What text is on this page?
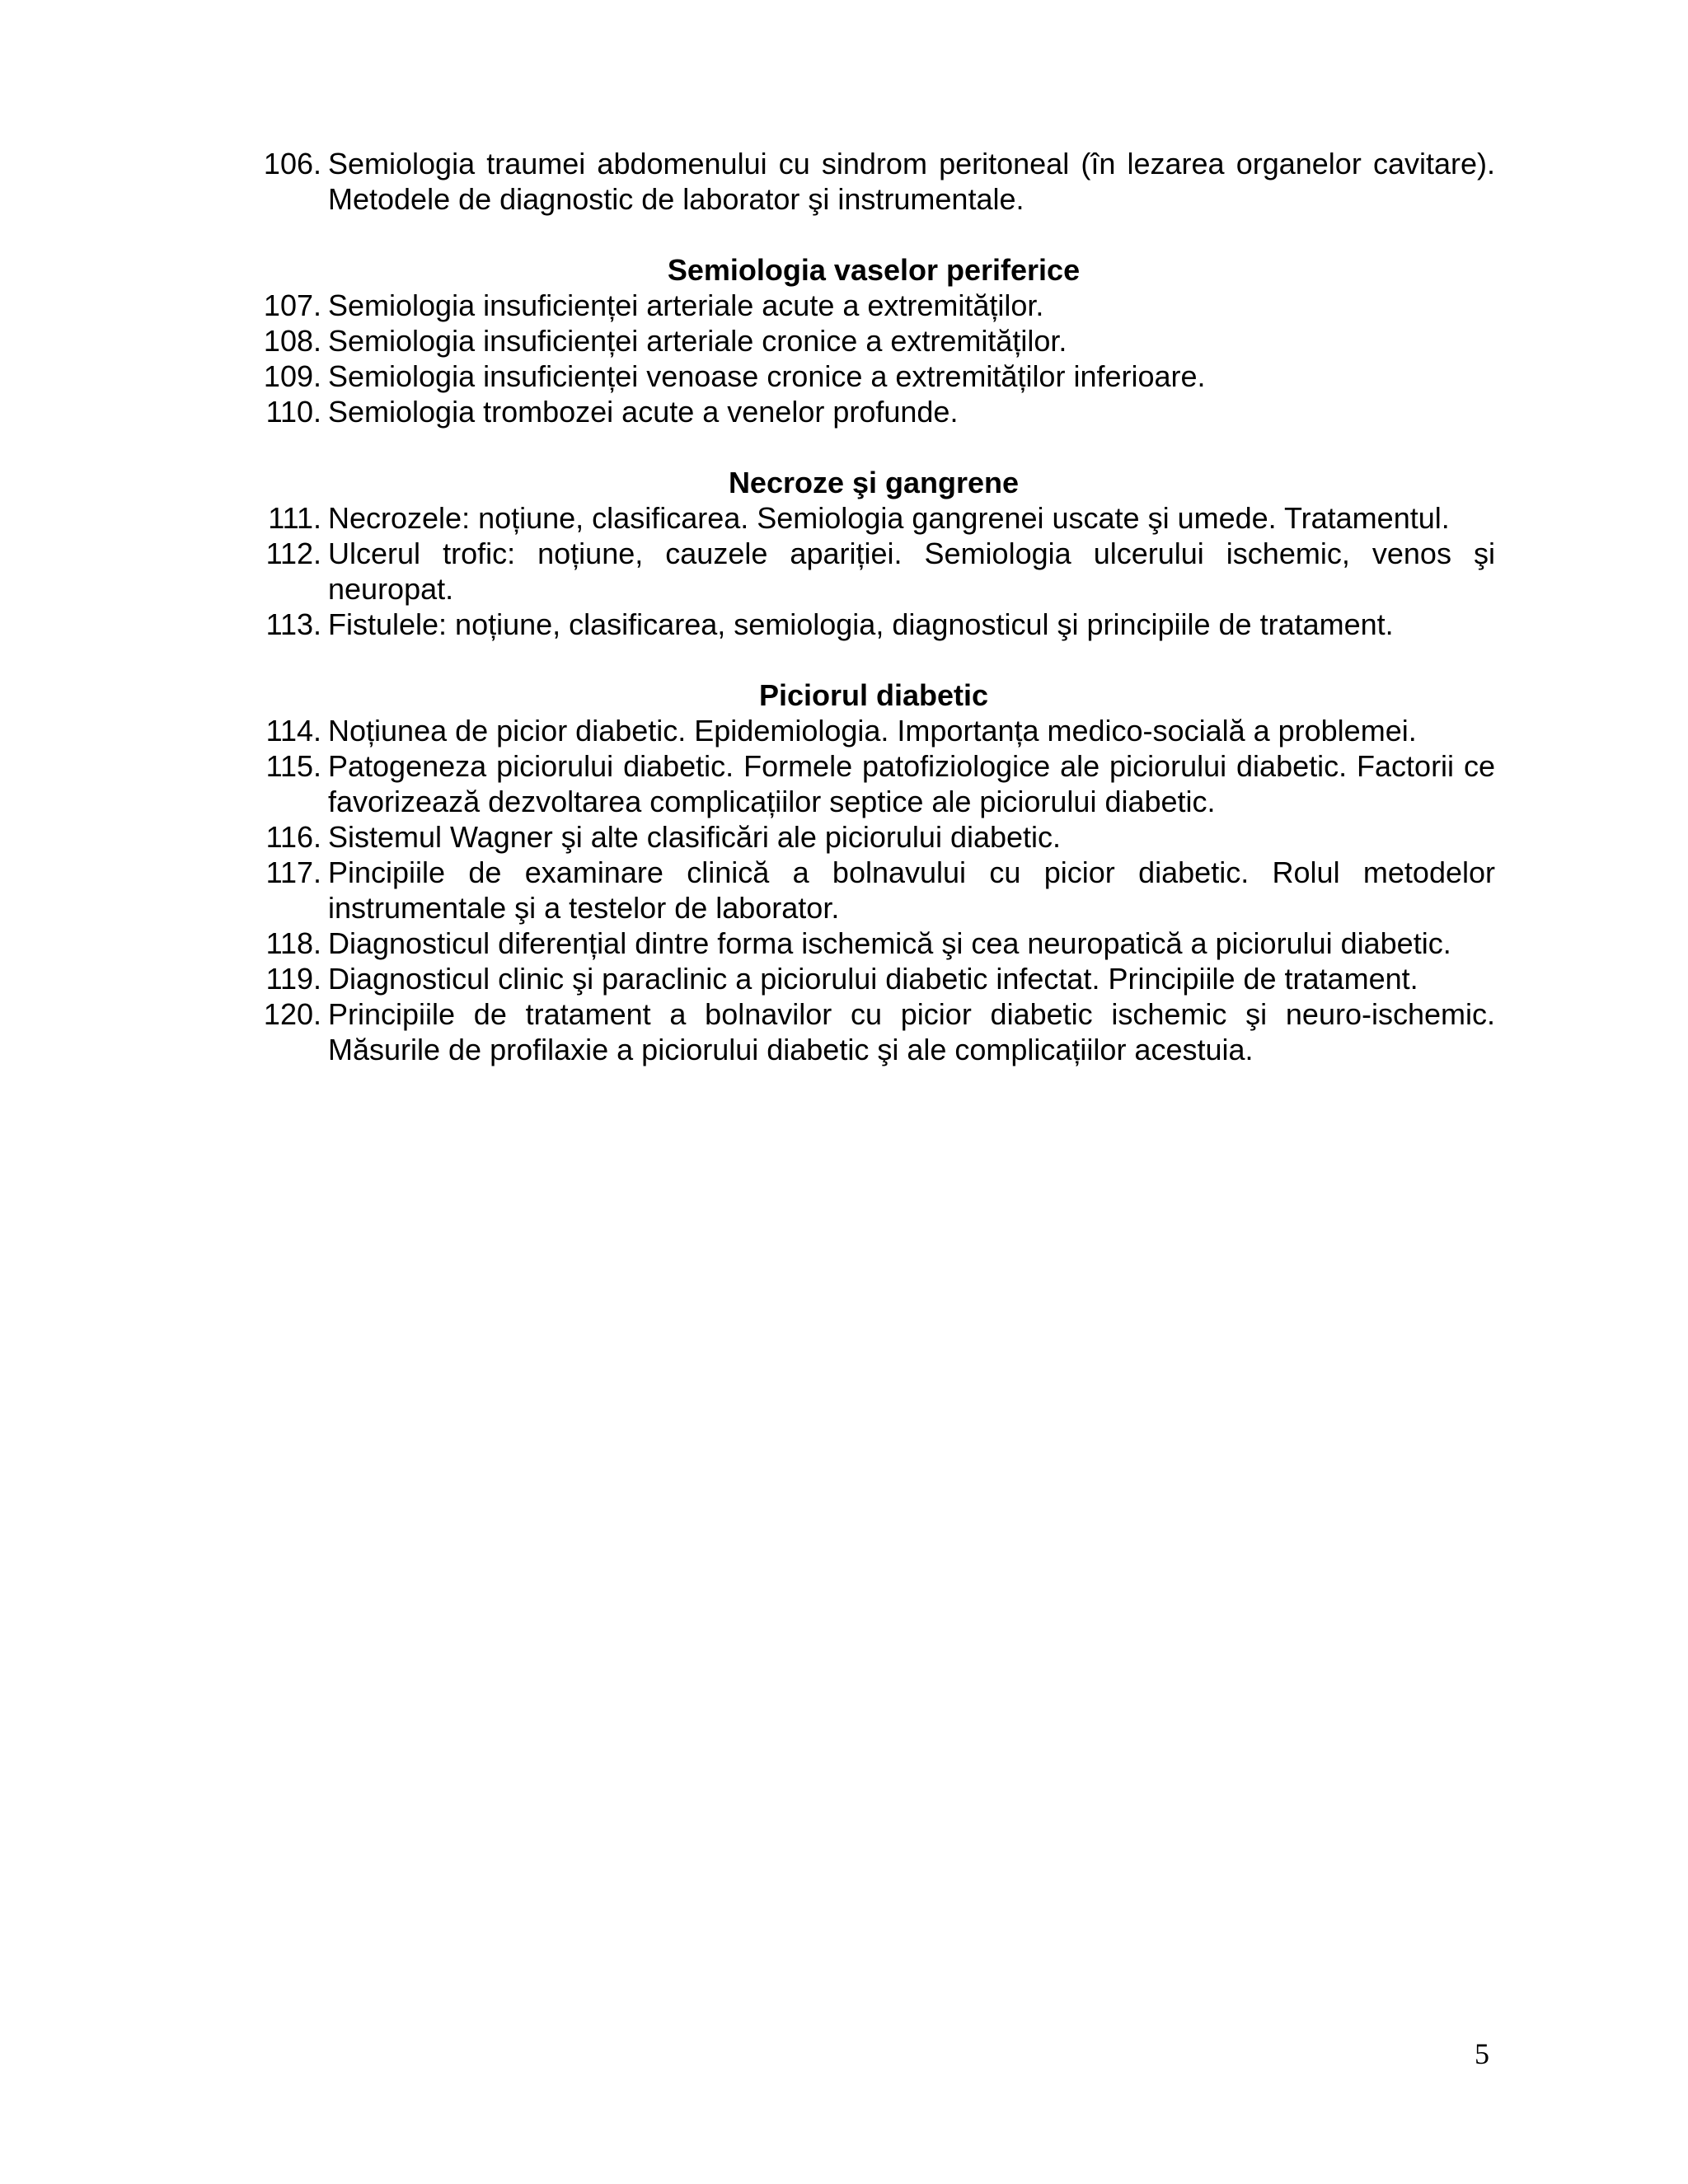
106. Semiologia traumei abdomenului cu sindrom peritoneal (în lezarea organelor cavitare). Metodele de diagnostic de laborator şi instrumentale.
Semiologia vaselor periferice
107. Semiologia insuficienței arteriale acute a extremităților.
108. Semiologia insuficienței arteriale cronice a extremităților.
109. Semiologia insuficienței venoase cronice a extremităților inferioare.
110. Semiologia trombozei acute a venelor profunde.
Necroze şi gangrene
111. Necrozele: noțiune, clasificarea. Semiologia gangrenei uscate şi umede. Tratamentul.
112. Ulcerul trofic: noțiune, cauzele apariției. Semiologia ulcerului ischemic, venos şi neuropat.
113. Fistulele: noțiune, clasificarea, semiologia, diagnosticul şi principiile de tratament.
Piciorul diabetic
114. Noțiunea de picior diabetic. Epidemiologia. Importanța medico-socială a problemei.
115. Patogeneza piciorului diabetic. Formele patofiziologice ale piciorului diabetic. Factorii ce favorizează dezvoltarea complicațiilor septice ale piciorului diabetic.
116. Sistemul Wagner şi alte clasificări ale piciorului diabetic.
117. Pincipiile de examinare clinică a bolnavului cu picior diabetic. Rolul metodelor instrumentale şi a testelor de laborator.
118. Diagnosticul diferențial dintre forma ischemică şi cea neuropatică a piciorului diabetic.
119. Diagnosticul clinic şi paraclinic a piciorului diabetic infectat. Principiile de tratament.
120. Principiile de tratament a bolnavilor cu picior diabetic ischemic şi neuro-ischemic. Măsurile de profilaxie a piciorului diabetic şi ale complicațiilor acestuia.
5
